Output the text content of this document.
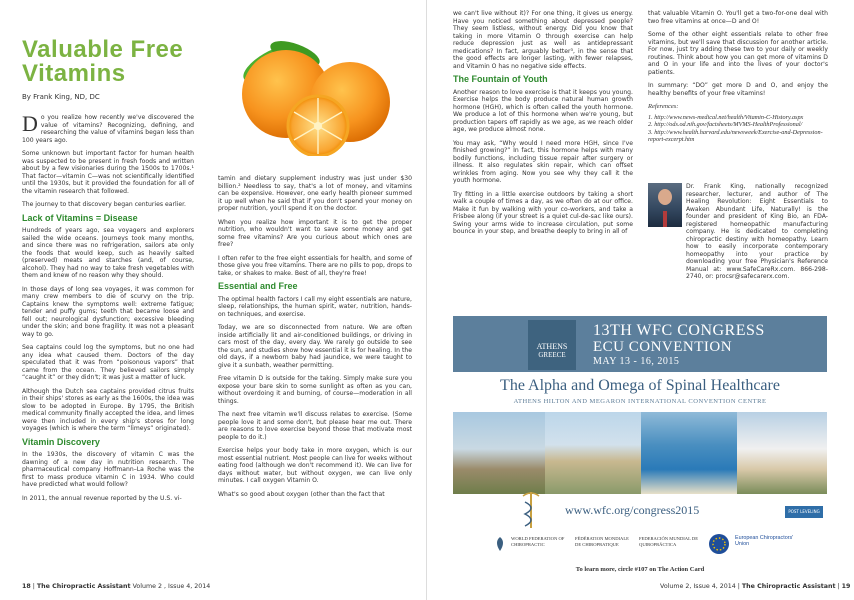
Valuable Free Vitamins
By Frank King, ND, DC

Do you realize how recently we've discovered the value of vitamins? Recognizing, defining, and researching the value of vitamins began less than 100 years ago.

Some unknown but important factor for human health was suspected to be present in fresh foods and written about by a few visionaries during the 1500s to 1700s.¹ That factor—vitamin C—was not scientifically identified until the 1930s, but it provided the foundation for all of the vitamin research that followed.

The journey to that discovery began centuries earlier.

Lack of Vitamins = Disease

Hundreds of years ago, sea voyagers and explorers sailed the wide oceans. Journeys took many months, and since there was no refrigeration, sailors ate only the foods that would keep, such as heavily salted (preserved) meats and starches (and, of course, alcohol). They had no way to take fresh vegetables with them and knew of no reason why they should.

In those days of long sea voyages, it was common for many crew members to die of scurvy on the trip. Captains knew the symptoms well: extreme fatigue; tender and puffy gums; teeth that became loose and fell out; neurological dysfunction; excessive bleeding under the skin; and bone fragility. It was not a pleasant way to go.

Sea captains could log the symptoms, but no one had any idea what caused them. Doctors of the day speculated that it was from “poisonous vapors” that came from the ocean. They believed sailors simply “caught it” or they didn't; it was just a matter of luck.

Although the Dutch sea captains provided citrus fruits in their ships' stores as early as the 1600s, the idea was slow to be adopted in Europe. By 1795, the British medical community finally accepted the idea, and limes were then included in every ship's stores for long voyages (which is where the term “limeys” originated).

Vitamin Discovery

In the 1930s, the discovery of vitamin C was the dawning of a new day in nutrition research. The pharmaceutical company Hoffmann–La Roche was the first to mass produce vitamin C in 1934. Who could have predicted what would follow?

In 2011, the annual revenue reported by the U.S. vi-

tamin and dietary supplement industry was just under $30 billion.² Needless to say, that's a lot of money, and vitamins can be expensive. However, one early health pioneer summed it up well when he said that if you don't spend your money on proper nutrition, you'll spend it on the doctor.

When you realize how important it is to get the proper nutrition, who wouldn't want to save some money and get some free vitamins? Are you curious about which ones are free?

I often refer to the free eight essentials for health, and some of those give you free vitamins. There are no pills to pop, drops to take, or shakes to make. Best of all, they're free!

Essential and Free

The optimal health factors I call my eight essentials are nature, sleep, relationships, the human spirit, water, nutrition, hands-on techniques, and exercise.

Today, we are so disconnected from nature. We are often inside artificially lit and air-conditioned buildings, or driving in cars most of the day, every day. We rarely go outside to see the sun, and studies show how essential it is for healing. In the old days, if a newborn baby had jaundice, we were taught to give it a sunbath, weather permitting.

Free vitamin D is outside for the taking. Simply make sure you expose your bare skin to some sunlight as often as you can, without overdoing it and burning, of course—moderation in all things.

The next free vitamin we'll discuss relates to exercise. (Some people love it and some don't, but please hear me out. There are reasons to love exercise beyond those that motivate most people to do it.)

Exercise helps your body take in more oxygen, which is our most essential nutrient. Most people can live for weeks without eating food (although we don't recommend it). We can live for days without water, but without oxygen, we can live only minutes. I call oxygen Vitamin O.

What's so good about oxygen (other than the fact that

18 | The Chiropractic Assistant Volume 2 , Issue 4, 2014

we can't live without it)? For one thing, it gives us energy. Have you noticed something about depressed people? They seem listless, without energy. Did you know that taking in more Vitamin O through exercise can help reduce depression just as well as antidepressant medications? In fact, arguably better³, in the sense that the good effects are longer lasting, with fewer relapses, and Vitamin O has no negative side effects.

The Fountain of Youth

Another reason to love exercise is that it keeps you young. Exercise helps the body produce natural human growth hormone (HGH), which is often called the youth hormone. We produce a lot of this hormone when we're young, but production tapers off rapidly as we age, as we reach older age, we produce almost none.

You may ask, “Why would I need more HGH, since I've finished growing?” In fact, this hormone helps with many bodily functions, including tissue repair after surgery or illness. It also regulates skin repair, which can offset wrinkles from aging. Now you see why they call it the youth hormone.

Try fitting in a little exercise outdoors by taking a short walk a couple of times a day, as we often do at our office. Make it fun by walking with your co-workers, and take a Frisbee along (if your street is a quiet cul-de-sac like ours). Swing your arms wide to increase circulation, put some bounce in your step, and breathe deeply to bring in all of

that valuable Vitamin O. You'll get a two-for-one deal with two free vitamins at once—D and O!

Some of the other eight essentials relate to other free vitamins, but we'll save that discussion for another article. For now, just try adding these two to your daily or weekly routines. Think about how you can get more of vitamins D and O in your life and into the lives of your doctor's patients.

In summary: “DO” get more D and O, and enjoy the healthy benefits of your free vitamins!

References:
1. http://www.news-medical.net/health/Vitamin-C-History.aspx
2. http://ods.od.nih.gov/factsheets/MVMS-HealthProfessional/
3. http://www.health.harvard.edu/newsweek/Exercise-and-Depression-report-excerpt.htm

Dr. Frank King, nationally recognized researcher, lecturer, and author of The Healing Revolution: Eight Essentials to Awaken Abundant Life, Naturally! is the founder and president of King Bio, an FDA-registered homeopathic manufacturing company. He is dedicated to completing chiropractic destiny with homeopathy. Learn how to easily incorporate contemporary homeopathy into your practice by downloading your free Physician's Reference Manual at: www.SafeCareRx.com. 866-298-2740, or: procsr@safecarerx.com.

ATHENS
GREECE
13TH WFC CONGRESS
ECU CONVENTION
MAY 13 - 16, 2015
The Alpha and Omega of Spinal Healthcare
ATHENS HILTON AND MEGARON INTERNATIONAL CONVENTION CENTRE
www.wfc.org/congress2015	POST LEVELING
WORLD FEDERATION OF CHIROPRACTIC
FÉDÉRATION MONDIALE DE CHIROPRATIQUE
FEDERACIÓN MUNDIAL DE QUIROPRÁCTICA
European Chiropractors' Union
To learn more, circle #107 on The Action Card
Volume 2, Issue 4, 2014 | The Chiropractic Assistant | 19
